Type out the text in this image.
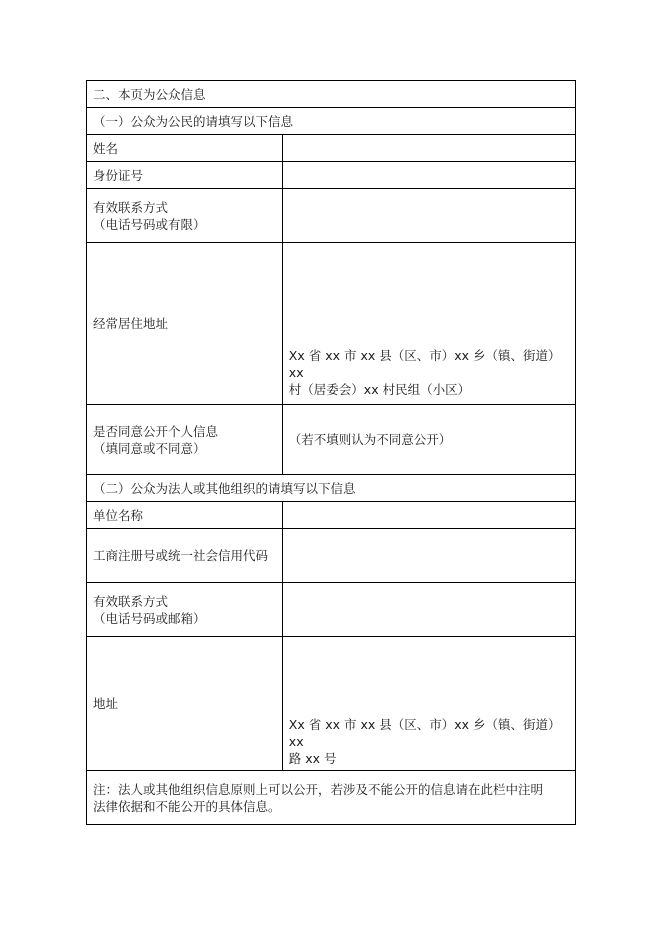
二、本页为公众信息	
（一）公众为公民的请填写以下信息	
姓名	
身份证号	

有效联系方式
（电话号码或有限）	

经常居住地址	Xx 省 xx 市 xx 县（区、市）xx 乡（镇、街道）xx
村（居委会）xx 村民组（小区）

是否同意公开个人信息
（填同意或不同意）	（若不填则认为不同意公开）

（二）公众为法人或其他组织的请填写以下信息	
单位名称	
工商注册号或统一社会信用代码	

有效联系方式
（电话号码或邮箱）	

地址	Xx 省 xx 市 xx 县（区、市）xx 乡（镇、街道）xx
路 xx 号

注：法人或其他组织信息原则上可以公开，若涉及不能公开的信息请在此栏中注明
法律依据和不能公开的具体信息。	
